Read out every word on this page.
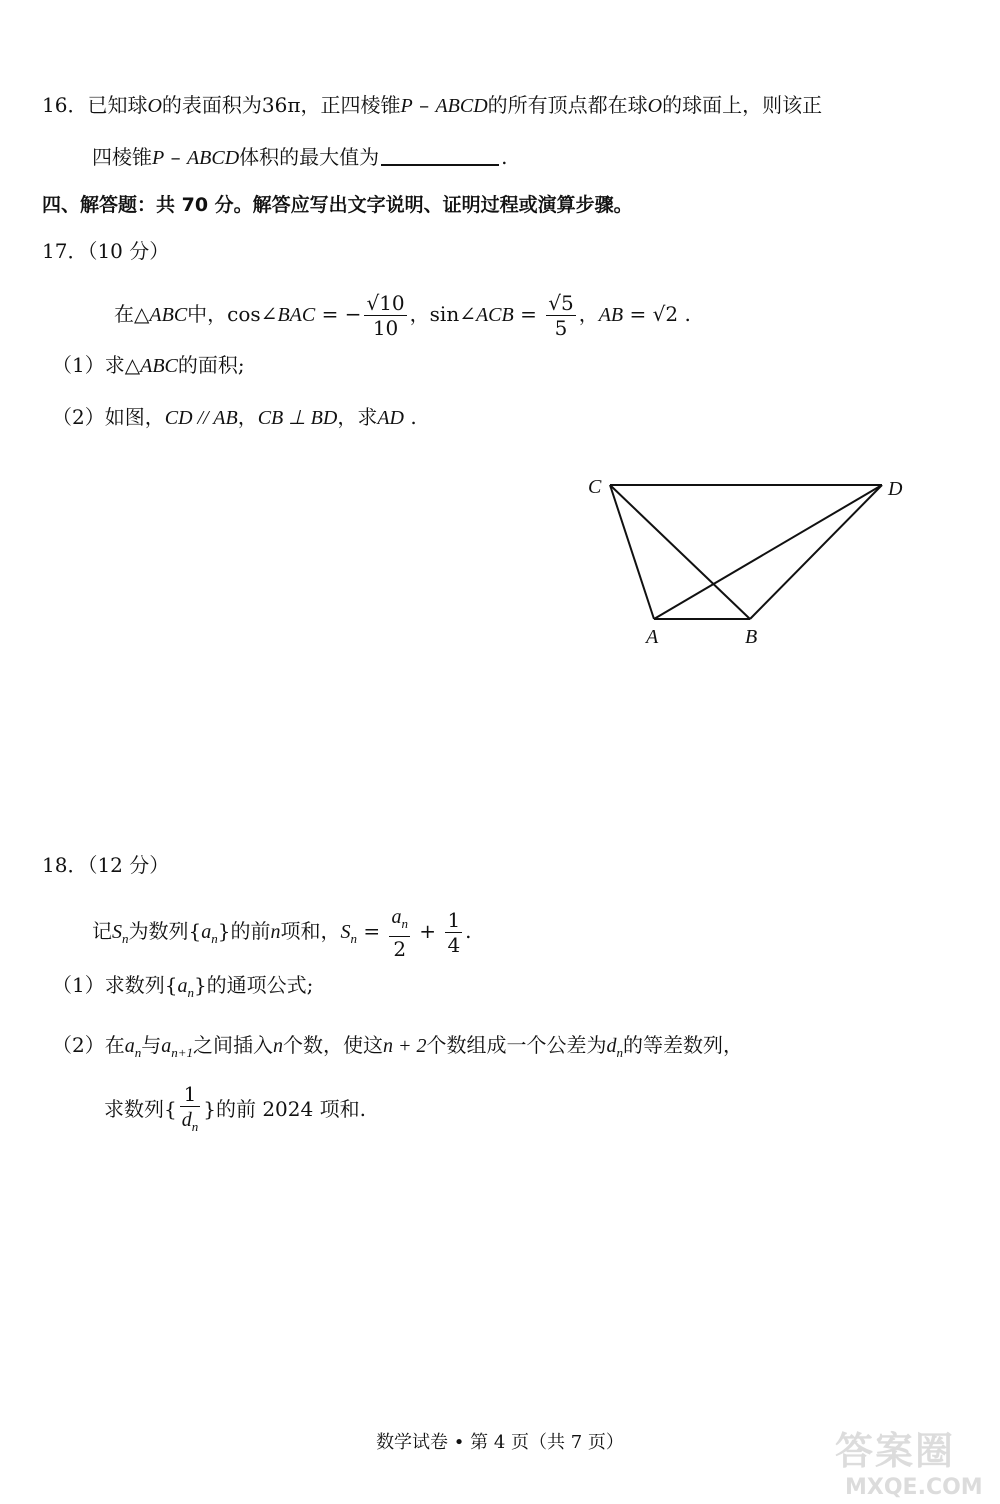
16．已知球O的表面积为36π，正四棱锥P – ABCD的所有顶点都在球O的球面上，则该正
四棱锥P – ABCD体积的最大值为	.
四、解答题：共 70 分。解答应写出文字说明、证明过程或演算步骤。
17．（10 分）
在△ABC中，cos∠BAC = − $\frac{√10}{10}$ ，sin∠ACB = $\frac{√5}{5}$ ，AB = √2 .
（1）求△ABC的面积;
（2）如图，CD // AB，CB ⊥ BD，求AD .
C	D
A	B
18．（12 分）
记$S_n$为数列$\{a_n\}$的前n项和，$S_n = \frac{a_n}{2} + \frac{1}{4}$ .
（1）求数列$\{a_n\}$的通项公式;
（2）在$a_n$与$a_{n+1}$之间插入n个数，使这n + 2个数组成一个公差为$d_n$的等差数列，
求数列{ $\frac{1}{d_n}$ }的前 2024 项和.
数学试卷 • 第 4 页（共 7 页）	答案圈
MXQE.COM
